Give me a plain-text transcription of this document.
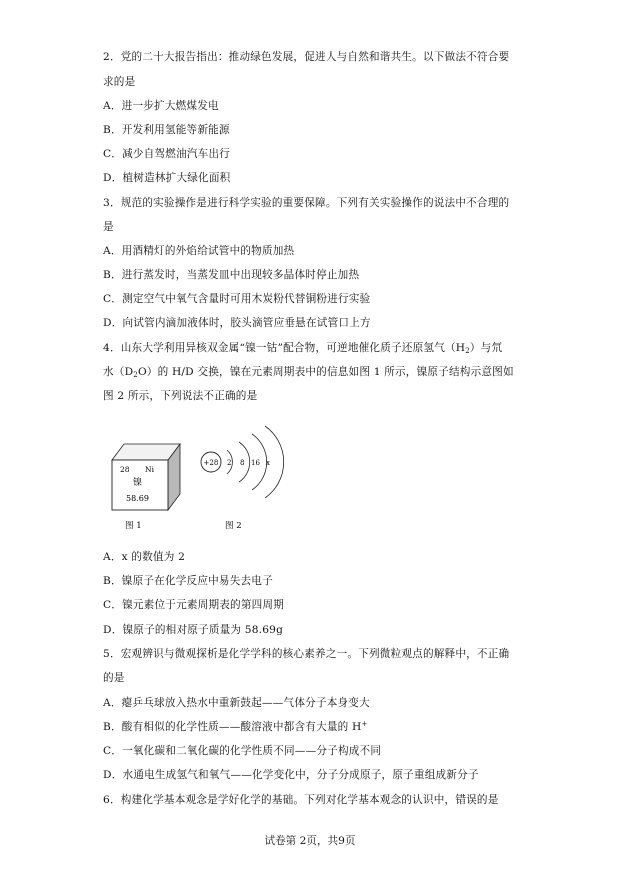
2．党的二十大报告指出：推动绿色发展，促进人与自然和谐共生。以下做法不符合要
求的是
A．进一步扩大燃煤发电
B．开发利用氢能等新能源
C．减少自驾燃油汽车出行
D．植树造林扩大绿化面积
3．规范的实验操作是进行科学实验的重要保障。下列有关实验操作的说法中不合理的
是
A．用酒精灯的外焰给试管中的物质加热
B．进行蒸发时，当蒸发皿中出现较多晶体时停止加热
C．测定空气中氧气含量时可用木炭粉代替铜粉进行实验
D．向试管内滴加液体时，胶头滴管应垂悬在试管口上方
4．山东大学利用异核双金属“镍一钴”配合物，可逆地催化质子还原氢气$(H_2)$与氘
水$(D_2O)$的 H/D 交换，镍在元素周期表中的信息如图 1 所示，镍原子结构示意图如
图 2 所示，下列说法不正确的是
28 Ni
镍
58.69
图 1
+28 2 8 16 x
图 2
A．x 的数值为 2
B．镍原子在化学反应中易失去电子
C．镍元素位于元素周期表的第四周期
D．镍原子的相对原子质量为 58.69g
5．宏观辨识与微观探析是化学学科的核心素养之一。下列微粒观点的解释中，不正确
的是
A．瘪乒乓球放入热水中重新鼓起——气体分子本身变大
B．酸有相似的化学性质——酸溶液中都含有大量的 H+
C．一氧化碳和二氧化碳的化学性质不同——分子构成不同
D．水通电生成氢气和氧气——化学变化中，分子分成原子，原子重组成新分子
6．构建化学基本观念是学好化学的基础。下列对化学基本观念的认识中，错误的是
试卷第 2页，共9页
